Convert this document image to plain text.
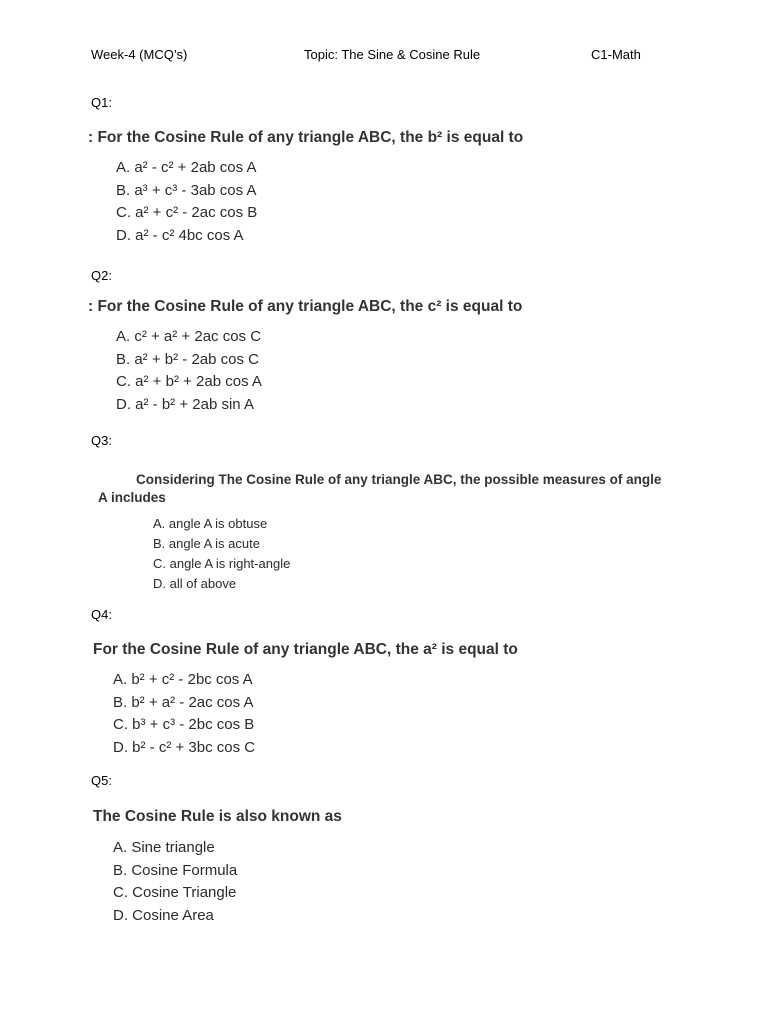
Week-4 (MCQ’s)	Topic: The Sine & Cosine Rule	C1-Math
Q1:
: For the Cosine Rule of any triangle ABC, the b² is equal to
A. a² - c² + 2ab cos A
B. a³ + c³ - 3ab cos A
C. a² + c² - 2ac cos B
D. a² - c² 4bc cos A
Q2:
: For the Cosine Rule of any triangle ABC, the c² is equal to
A. c² + a² + 2ac cos C
B. a² + b² - 2ab cos C
C. a² + b² + 2ab cos A
D. a² - b² + 2ab sin A
Q3:
Considering The Cosine Rule of any triangle ABC, the possible measures of angle A includes
A. angle A is obtuse
B. angle A is acute
C. angle A is right-angle
D. all of above
Q4:
For the Cosine Rule of any triangle ABC, the a² is equal to
A. b² + c² - 2bc cos A
B. b² + a² - 2ac cos A
C. b³ + c³ - 2bc cos B
D. b² - c² + 3bc cos C
Q5:
The Cosine Rule is also known as
A. Sine triangle
B. Cosine Formula
C. Cosine Triangle
D. Cosine Area
